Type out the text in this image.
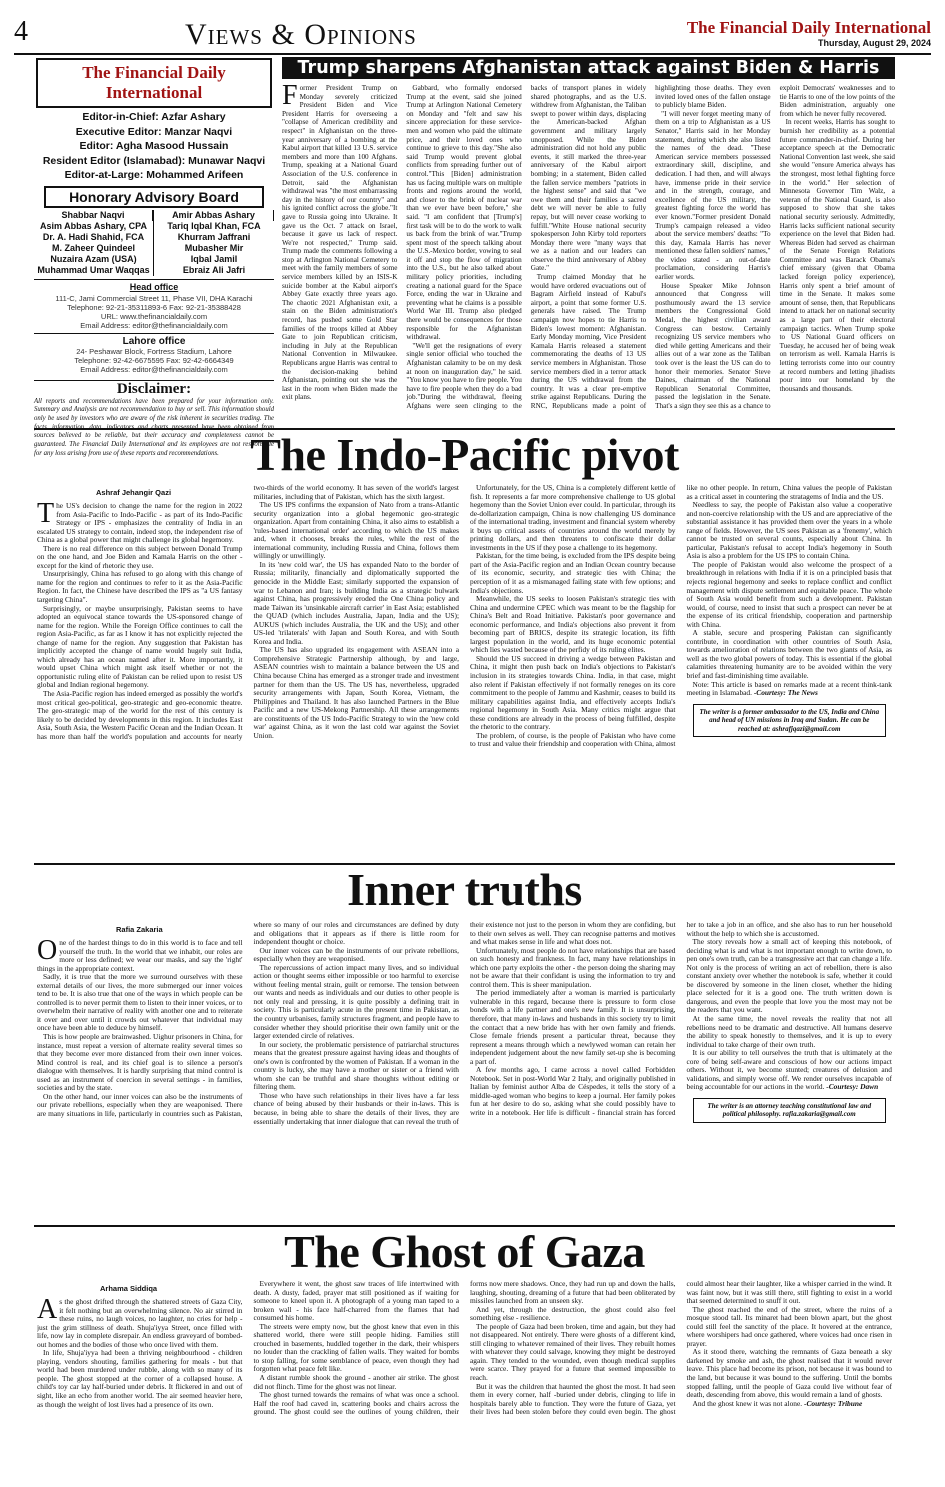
4	Views & Opinions	The Financial Daily International
Thursday, August 29, 2024
The Financial Daily International
Editor-in-Chief: Azfar Ashary
Executive Editor: Manzar Naqvi
Editor: Agha Masood Hussain
Resident Editor (Islamabad): Munawar Naqvi
Editor-at-Large: Mohammed Arifeen
Honorary Advisory Board
Shabbar Naqvi
Asim Abbas Ashary, CPA
Dr. A. Hadi Shahid, FCA
M. Zaheer Quindeel
Nuzaira Azam (USA)
Muhammad Umar Waqqas
Amir Abbas Ashary
Tariq Iqbal Khan, FCA
Khurram Jaffrani
Mubasher Mir
Iqbal Jamil
Ebraiz Ali Jafri
Head office
111-C, Jami Commercial Street 11, Phase VII, DHA Karachi
Telephone: 92-21-35311893-6 Fax: 92-21-35388428
URL: www.thefinancialdaily.com
Email Address: editor@thefinancialdaily.com
Lahore office
24- Peshawar Block, Fortress Stadium, Lahore
Telephone: 92-42-6675595 Fax: 92-42-6664349
Email Address: editor@thefinancialdaily.com
Disclaimer:
All reports and recommendations have been prepared for your information only. Summary and Analysis are not recommendation to buy or sell. This information should only be used by investors who are aware of the risk inherent in securities trading. The sources believed to be reliable, but their accuracy and completeness cannot be guaranteed. The Financial Daily International and its employees are not responsible for any loss arising from use of these reports and recommendations.
Trump sharpens Afghanistan attack against Biden & Harris

Former President Trump on Monday severely criticized President Biden and Vice President Harris for overseeing a "collapse of American credibility and respect" in Afghanistan on the three-year anniversary of a bombing at the Kabul airport that killed 13 U.S. service members and more than 100 Afghans. Trump, speaking at a National Guard Association of the U.S. conference in Detroit, said the Afghanistan withdrawal was "the most embarrassing day in the history of our country" and his ignited conflict across the globe."It gave to Russia going into Ukraine. It gave us the Oct. 7 attack on Israel, because it gave us lack of respect. We're not respected," Trump said. Trump made the comments following a stop at Arlington National Cemetery to meet with the family members of some service members killed by an ISIS-K suicide bomber at the Kabul airport's Abbey Gate exactly three years ago. The chaotic 2021 Afghanistan exit, a stain on the Biden administration's record, has pushed some Gold Star families of the troops killed at Abbey Gate to join Republican criticism, including in July at the Republican National Convention in Milwaukee. Republicans argue Harris was central to the decision-making behind Afghanistan, pointing out she was the last in the room when Biden made the exit plans.

Gabbard, who formally endorsed Trump at the event, said she joined Trump at Arlington National Cemetery on Monday and "felt and saw his sincere appreciation for these service-men and women who paid the ultimate price, and their loved ones who continue to grieve to this day."She also said Trump would prevent global conflicts from spreading further out of control."This [Biden] administration has us facing multiple wars on multiple fronts and regions around the world, and closer to the brink of nuclear war than we ever have been before," she said. "I am confident that [Trump's] first task will be to do the work to walk us back from the brink of war."Trump spent most of the speech talking about the U.S.-Mexico border, vowing to seal it off and stop the flow of migration into the U.S., but he also talked about military policy priorities, including creating a national guard for the Space Force, ending the war in Ukraine and preventing what he claims is a possible World War III. Trump also pledged there would be consequences for those responsible for the Afghanistan withdrawal.

"We'll get the resignations of every single senior official who touched the Afghanistan calamity to be on my desk at noon on inauguration day," he said. "You know you have to fire people. You have to fire people when they do a bad job."During the withdrawal, fleeing Afghans were seen clinging to the backs of transport planes in widely shared photographs, and as the U.S. withdrew from Afghanistan, the Taliban swept to power within days, displacing the American-backed Afghan government and military largely unopposed. While the Biden administration did not hold any public events, it still marked the three-year anniversary of the Kabul airport bombing; in a statement, Biden called the fallen service members "patriots in the highest sense" and said that "we owe them and their families a sacred debt we will never be able to fully repay, but will never cease working to fulfill."White House national security spokesperson John Kirby told reporters Monday there were "many ways that we as a nation and our leaders can observe the third anniversary of Abbey Gate."

Trump claimed Monday that he would have ordered evacuations out of Bagram Airfield instead of Kabul's airport, a point that some former U.S. generals have raised. The Trump campaign now hopes to tie Harris to Biden's lowest moment: Afghanistan. Early Monday morning, Vice President Kamala Harris released a statement commemorating the deaths of 13 US service members in Afghanistan. Those service members died in a terror attack during the US withdrawal from the country. It was a clear pre-emptive strike against Republicans. During the RNC, Republicans made a point of highlighting those deaths. They even invited loved ones of the fallen onstage to publicly blame Biden.

"I will never forget meeting many of them on a trip to Afghanistan as a US Senator," Harris said in her Monday statement, during which she also listed the names of the dead. "These American service members possessed extraordinary skill, discipline, and dedication. I had then, and will always have, immense pride in their service and in the strength, courage, and excellence of the US military, the greatest fighting force the world has ever known."Former president Donald Trump's campaign released a video about the service members' deaths: "To this day, Kamala Harris has never mentioned these fallen soldiers' names," the video stated - an out-of-date proclamation, considering Harris's earlier words.

House Speaker Mike Johnson announced that Congress will posthumously award the 13 service members the Congressional Gold Medal, the highest civilian award Congress can bestow. Certainly recognizing US service members who died while getting Americans and their allies out of a war zone as the Taliban took over is the least the US can do to honor their memories. Senator Steve Daines, chairman of the National Republican Senatorial Committee, passed the legislation in the Senate. That's a sign they see this as a chance to exploit Democrats' weaknesses and to tie Harris to one of the low points of the Biden administration, arguably one from which he never fully recovered.

In recent weeks, Harris has sought to burnish her credibility as a potential future commander-in-chief. During her acceptance speech at the Democratic National Convention last week, she said she would "ensure America always has the strongest, most lethal fighting force in the world." Her selection of Minnesota Governor Tim Walz, a veteran of the National Guard, is also supposed to show that she takes national security seriously. Admittedly, Harris lacks sufficient national security experience on the level that Biden had. Whereas Biden had served as chairman of the Senate Foreign Relations Committee and was Barack Obama's chief emissary (given that Obama lacked foreign policy experience), Harris only spent a brief amount of time in the Senate. It makes some amount of sense, then, that Republicans intend to attack her on national security as a large part of their electoral campaign tactics. When Trump spoke to US National Guard officers on Tuesday, he accused her of being weak on terrorism as well. Kamala Harris is letting terrorists come into our country at record numbers and letting jihadists pour into our homeland by the thousands and thousands.

The Indo-Pacific pivot
Ashraf Jehangir Qazi

The US's decision to change the name for the region in 2022 from Asia-Pacific to Indo-Pacific - as part of its Indo-Pacific Strategy or IPS - emphasizes the centrality of India in an escalated US strategy to contain, indeed stop, the independent rise of China as a global power that might challenge its global hegemony.

There is no real difference on this subject between Donald Trump on the one hand, and Joe Biden and Kamala Harris on the other - except for the kind of rhetoric they use.

Unsurprisingly, China has refused to go along with this change of name for the region and continues to refer to it as the Asia-Pacific Region. In fact, the Chinese have described the IPS as "a US fantasy targeting China".

Surprisingly, or maybe unsurprisingly, Pakistan seems to have adopted an equivocal stance towards the US-sponsored change of name for the region. While the Foreign Office continues to call the region Asia-Pacific, as far as I know it has not explicitly rejected the change of name for the region. Any suggestion that Pakistan has implicitly accepted the change of name would hugely suit India, which already has an ocean named after it. More importantly, it would upset China which might ask itself whether or not the opportunistic ruling elite of Pakistan can be relied upon to resist US global and Indian regional hegemony.

The Asia-Pacific region has indeed emerged as possibly the world's most critical geo-political, geo-strategic and geo-economic theatre. The geo-strategic map of the world for the rest of this century is likely to be decided by developments in this region. It includes East Asia, South Asia, the Western Pacific Ocean and the Indian Ocean. It has more than half the world's population and accounts for nearly two-thirds of the world economy. It has seven of the world's largest militaries, including that of Pakistan, which has the sixth largest.

The US IPS confirms the expansion of Nato from a trans-Atlantic security organization into a global hegemonic geo-strategic organization. Apart from containing China, it also aims to establish a 'rules-based international order' according to which the US makes and, when it chooses, breaks the rules, while the rest of the international community, including Russia and China, follows them willingly or unwillingly.

In its 'new cold war', the US has expanded Nato to the border of Russia; militarily, financially and diplomatically supported the genocide in the Middle East; similarly supported the expansion of war to Lebanon and Iran; is building India as a strategic bulwark against China, has progressively eroded the One China policy and made Taiwan its 'unsinkable aircraft carrier' in East Asia; established the QUAD (which includes Australia, Japan, India and the US); AUKUS (which includes Australia, the UK and the US); and other US-led 'trilaterals' with Japan and South Korea, and with South Korea and India.

The US has also upgraded its engagement with ASEAN into a Comprehensive Strategic Partnership although, by and large, ASEAN countries wish to maintain a balance between the US and China because China has emerged as a stronger trade and investment partner for them than the US. The US has, nevertheless, upgraded security arrangements with Japan, South Korea, Vietnam, the Philippines and Thailand. It has also launched Partners in the Blue Pacific and a new US-Mekong Partnership. All these arrangements are constituents of the US Indo-Pacific Strategy to win the 'new cold war' against China, as it won the last cold war against the Soviet Union.

Unfortunately, for the US, China is a completely different kettle of fish. It represents a far more comprehensive challenge to US global hegemony than the Soviet Union ever could. In particular, through its de-dollarization campaign, China is now challenging US dominance of the international trading, investment and financial system whereby it buys up critical assets of countries around the world merely by printing dollars, and then threatens to confiscate their dollar investments in the US if they pose a challenge to its hegemony.

Pakistan, for the time being, is excluded from the IPS despite being part of the Asia-Pacific region and an Indian Ocean country because of its economic, security, and strategic ties with China; the perception of it as a mismanaged failing state with few options; and India's objections.

Meanwhile, the US seeks to loosen Pakistan's strategic ties with China and undermine CPEC which was meant to be the flagship for China's Belt and Road Initiative. Pakistan's poor governance and economic performance, and India's objections also prevent it from becoming part of BRICS, despite its strategic location, its fifth largest population in the world, and its huge economic potential which lies wasted because of the perfidy of its ruling elites.

Should the US succeed in driving a wedge between Pakistan and China, it might then push back on India's objections to Pakistan's inclusion in its strategies towards China. India, in that case, might also relent if Pakistan effectively if not formally reneges on its core commitment to the people of Jammu and Kashmir, ceases to build its military capabilities against India, and effectively accepts India's regional hegemony in South Asia. Many critics might argue that these conditions are already in the process of being fulfilled, despite the rhetoric to the contrary.

The problem, of course, is the people of Pakistan who have come to trust and value their friendship and cooperation with China, almost like no other people. In return, China values the people of Pakistan as a critical asset in countering the stratagems of India and the US.

Needless to say, the people of Pakistan also value a cooperative and non-coercive relationship with the US and are appreciative of the substantial assistance it has provided them over the years in a whole range of fields. However, the US sees Pakistan as a 'frenemy', which cannot be trusted on several counts, especially about China. In particular, Pakistan's refusal to accept India's hegemony in South Asia is also a problem for the US IPS to contain China.

The people of Pakistan would also welcome the prospect of a breakthrough in relations with India if it is on a principled basis that rejects regional hegemony and seeks to replace conflict and conflict management with dispute settlement and equitable peace. The whole of South Asia would benefit from such a development. Pakistan would, of course, need to insist that such a prospect can never be at the expense of its critical friendship, cooperation and partnership with China.

A stable, secure and prospering Pakistan can significantly contribute, in coordination with other countries of South Asia, towards amelioration of relations between the two giants of Asia, as well as the two global powers of today. This is essential if the global calamities threatening humanity are to be avoided within the very brief and fast-diminishing time available.

Note: This article is based on remarks made at a recent think-tank meeting in Islamabad. -Courtesy: The News

The writer is a former ambassador to the US, India and China and head of UN missions in Iraq and Sudan. He can be reached at: ashrafjqazi@gmail.com
Inner truths
Rafia Zakaria

One of the hardest things to do in this world is to face and tell yourself the truth. In the world that we inhabit, our roles are more or less defined; we wear our masks, and say the 'right' things in the appropriate context.

Sadly, it is true that the more we surround ourselves with these external details of our lives, the more submerged our inner voices tend to be. It is also true that one of the ways in which people can be controlled is to never permit them to listen to their inner voices, or to overwhelm their narrative of reality with another one and to reiterate it over and over until it crowds out whatever that individual may once have been able to deduce by himself.

This is how people are brainwashed. Uighur prisoners in China, for instance, must repeat a version of alternate reality several times so that they become ever more distanced from their own inner voices. Mind control is real, and its chief goal is to silence a person's dialogue with themselves. It is hardly surprising that mind control is used as an instrument of coercion in several settings - in families, societies and by the state.

On the other hand, our inner voices can also be the instruments of our private rebellions, especially when they are weaponised. There are many situations in life, particularly in countries such as Pakistan, where so many of our roles and circumstances are defined by duty and obligations that it appears as if there is little room for independent thought or choice.

Our inner voices can be the instruments of our private rebellions, especially when they are weaponised.

The repercussions of action impact many lives, and so individual action or thought seems either impossible or too harmful to exercise without feeling mental strain, guilt or remorse. The tension between our wants and needs as individuals and our duties to other people is not only real and pressing, it is quite possibly a defining trait in society. This is particularly acute in the present time in Pakistan, as the country urbanises, family structures fragment, and people have to consider whether they should prioritise their own family unit or the larger extended circle of relatives.

In our society, the problematic persistence of patriarchal structures means that the greatest pressure against having ideas and thoughts of one's own is confronted by the women of Pakistan. If a woman in the country is lucky, she may have a mother or sister or a friend with whom she can be truthful and share thoughts without editing or filtering them.

Those who have such relationships in their lives have a far less chance of being abused by their husbands or their in-laws. This is because, in being able to share the details of their lives, they are essentially undertaking that inner dialogue that can reveal the truth of their existence not just to the person in whom they are confiding, but to their own selves as well. They can recognise patterns and motives and what makes sense in life and what does not.

Unfortunately, most people do not have relationships that are based on such honesty and frankness. In fact, many have relationships in which one party exploits the other - the person doing the sharing may not be aware that their confidant is using the information to try and control them. This is sheer manipulation.

The period immediately after a woman is married is particularly vulnerable in this regard, because there is pressure to form close bonds with a life partner and one's new family. It is unsurprising, therefore, that many in-laws and husbands in this society try to limit the contact that a new bride has with her own family and friends. Close female friends present a particular threat, because they represent a means through which a newlywed woman can retain her independent judgement about the new family set-up she is becoming a part of.

A few months ago, I came across a novel called Forbidden Notebook. Set in post-World War 2 Italy, and originally published in Italian by feminist author Alba de Céspedes, it tells the story of a middle-aged woman who begins to keep a journal. Her family pokes fun at her desire to do so, asking what she could possibly have to write in a notebook. Her life is difficult - financial strain has forced her to take a job in an office, and she also has to run her household without the help to which she is accustomed.

The story reveals how a small act of keeping this notebook, of deciding what is and what is not important enough to write down, to pen one's own truth, can be a transgressive act that can change a life. Not only is the process of writing an act of rebellion, there is also constant anxiety over whether the notebook is safe, whether it could be discovered by someone in the linen closet, whether the hiding place selected for it is a good one. The truth written down is dangerous, and even the people that love you the most may not be the readers that you want.

At the same time, the novel reveals the reality that not all rebellions need to be dramatic and destructive. All humans deserve the ability to speak honestly to themselves, and it is up to every individual to take charge of their own truth.

It is our ability to tell ourselves the truth that is ultimately at the core of being self-aware and conscious of how our actions impact others. Without it, we become stunted; creatures of delusion and validations, and simply worse off. We render ourselves incapable of being accountable for our actions in the world. -Courtesy: Dawn

The writer is an attorney teaching constitutional law and political philosophy. rafia.zakaria@gmail.com
The Ghost of Gaza
Arhama Siddiqa

As the ghost drifted through the shattered streets of Gaza City, it felt nothing but an overwhelming silence. No air stirred in these ruins, no laugh voices, no laughter, no cries for help - just the grim stillness of death. Shuja'iyya Street, once filled with life, now lay in complete disrepair. An endless graveyard of bombed-out homes and the bodies of those who once lived with them.

In life, Shuja'iyya had been a thriving neighbourhood - children playing, vendors shouting, families gathering for meals - but that world had been murdered under rubble, along with so many of its people. The ghost stopped at the corner of a collapsed house. A child's toy car lay half-buried under debris. It flickered in and out of sight, like an echo from another world. The air seemed heavier here, as though the weight of lost lives had a presence of its own.

Everywhere it went, the ghost saw traces of life intertwined with death. A dusty, faded, prayer mat still positioned as if waiting for someone to kneel upon it. A photograph of a young man taped to a broken wall - his face half-charred from the flames that had consumed his home.

The streets were empty now, but the ghost knew that even in this shattered world, there were still people hiding. Families still crouched in basements, huddled together in the dark, their whispers no louder than the crackling of fallen walls. They waited for bombs to stop falling, for some semblance of peace, even though they had forgotten what peace felt like.

A distant rumble shook the ground - another air strike. The ghost did not flinch. Time for the ghost was not linear.

The ghost turned towards the remains of what was once a school. Half the roof had caved in, scattering books and chairs across the ground. The ghost could see the outlines of young children, their forms now mere shadows. Once, they had run up and down the halls, laughing, shouting, dreaming of a future that had been obliterated by missiles launched from an unseen sky.

And yet, through the destruction, the ghost could also feel something else - resilience.

The people of Gaza had been broken, time and again, but they had not disappeared. Not entirely. There were ghosts of a different kind, still clinging to whatever remained of their lives. They rebuilt homes with whatever they could salvage, knowing they might be destroyed again. They tended to the wounded, even though medical supplies were scarce. They prayed for a future that seemed impossible to reach.

But it was the children that haunted the ghost the most. It had seen them in every corner, half -buried under debris, clinging to life in hospitals barely able to function. They were the future of Gaza, yet their lives had been stolen before they could even begin. The ghost could almost hear their laughter, like a whisper carried in the wind. It was faint now, but it was still there, still fighting to exist in a world that seemed determined to snuff it out.

The ghost reached the end of the street, where the ruins of a mosque stood tall. Its minaret had been blown apart, but the ghost could still feel the sanctity of the place. It hovered at the entrance, where worshipers had once gathered, where voices had once risen in prayer.

As it stood there, watching the remnants of Gaza beneath a sky darkened by smoke and ash, the ghost realised that it would never leave. This place had become its prison, not because it was bound to the land, but because it was bound to the suffering. Until the bombs stopped falling, until the people of Gaza could live without fear of death, descending from above, this would remain a land of ghosts.

And the ghost knew it was not alone. -Courtesy: Tribune
